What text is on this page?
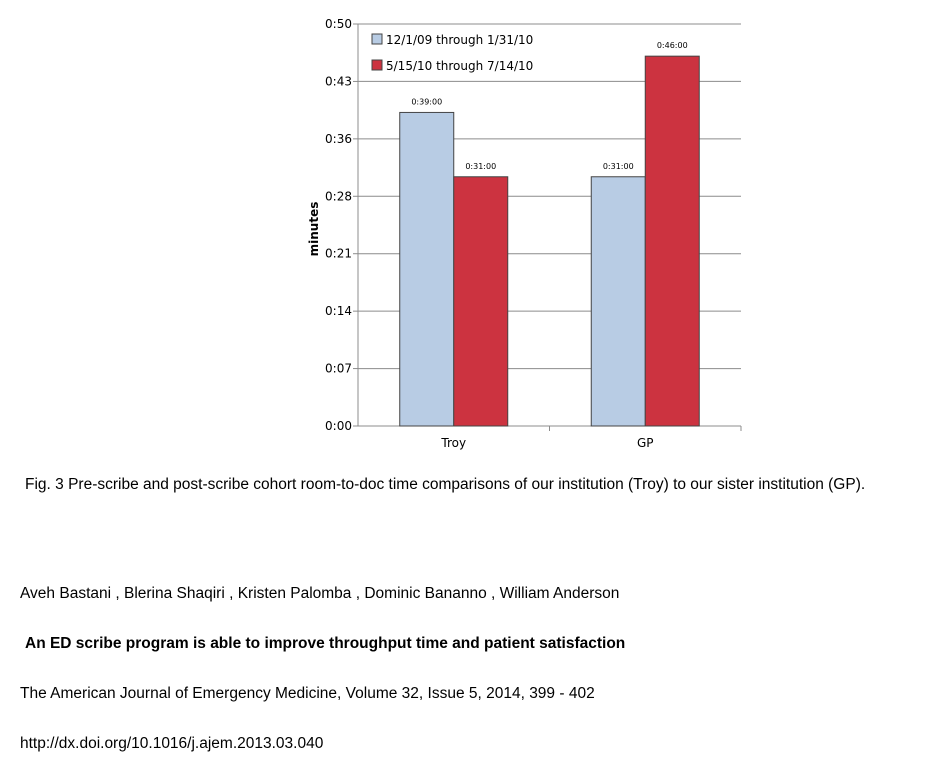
0:00
0:07
0:14
0:21
0:28
0:36
0:43
0:50
minutes
Troy
0:39:00
0:31:00
GP
0:31:00
0:46:00
12/1/09 through 1/31/10
5/15/10 through 7/14/10
Fig. 3 Pre-scribe and post-scribe cohort room-to-doc time comparisons of our institution (Troy) to our sister institution (GP).
Aveh Bastani , Blerina Shaqiri , Kristen Palomba , Dominic Bananno , William Anderson
An ED scribe program is able to improve throughput time and patient satisfaction
The American Journal of Emergency Medicine, Volume 32, Issue 5, 2014, 399 - 402
http://dx.doi.org/10.1016/j.ajem.2013.03.040
